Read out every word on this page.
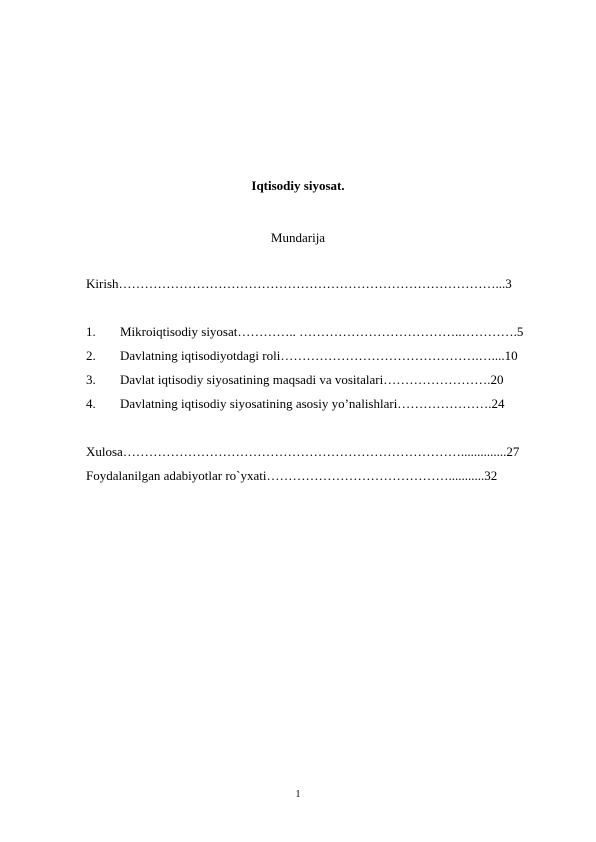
Iqtisodiy siyosat.
Mundarija
Kirish……………………………………………………………………………...3
1. Mikroiqtisodiy siyosat………….. ………………………………..………….5
2. Davlatning iqtisodiyotdagi roli……………………………………….…....10
3. Davlat iqtisodiy siyosatining maqsadi va vositalari…………………….20
4. Davlatning iqtisodiy siyosatining asosiy yo’nalishlari………………….24
Xulosa……………………………………………………………………..............27
Foydalanilgan adabiyotlar ro`yxati……………………………………...........32
1
